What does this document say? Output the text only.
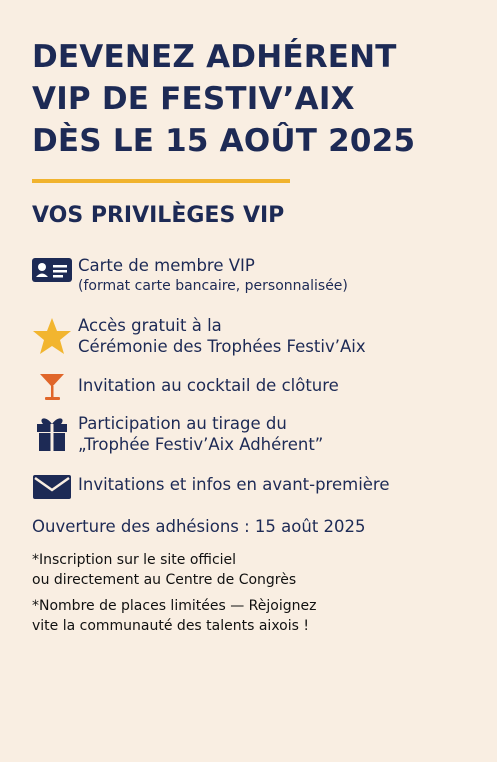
DEVENEZ ADHÉRENT
VIP DE FESTIV’AIX
DÈS LE 15 AOÛT 2025
VOS PRIVILÈGES VIP
Carte de membre VIP
(format carte bancaire, personnalisée)
Accès gratuit à la
Cérémonie des Trophées Festiv’Aix
Invitation au cocktail de clôture
Participation au tirage du
„Trophée Festiv’Aix Adhérent”
Invitations et infos en avant-première
Ouverture des adhésions : 15 août 2025
*Inscription sur le site officiel
ou directement au Centre de Congrès
*Nombre de places limitées — Rèjoignez
vite la communauté des talents aixois !
